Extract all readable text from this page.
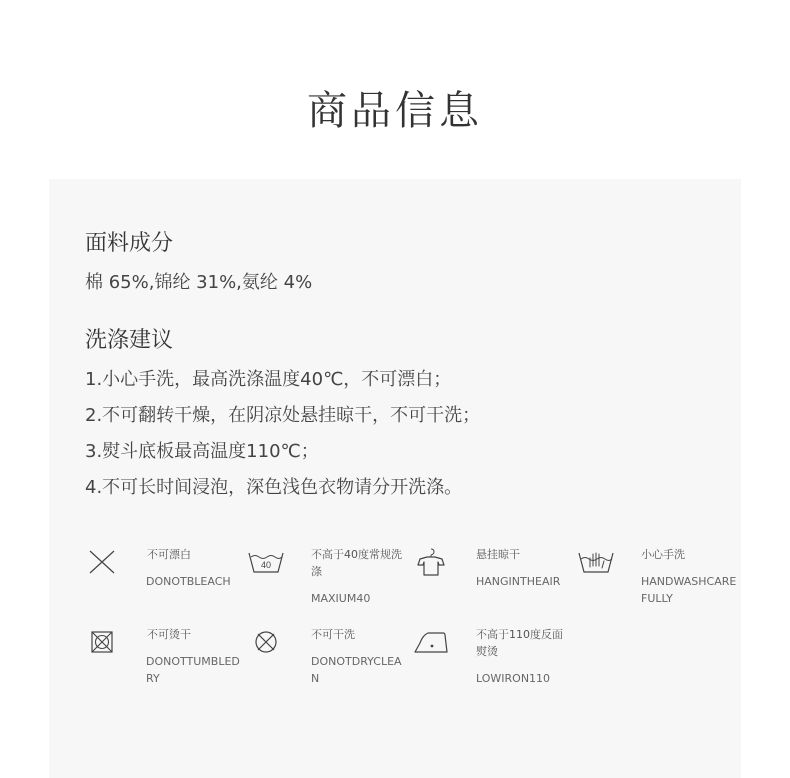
商品信息
面料成分
棉 65%,锦纶 31%,氨纶 4%
洗涤建议
1.小心手洗，最高洗涤温度40℃，不可漂白；
2.不可翻转干燥，在阴凉处悬挂晾干，不可干洗；
3.熨斗底板最高温度110℃；
4.不可长时间浸泡，深色浅色衣物请分开洗涤。
不可漂白
DONOTBLEACH
40
不高于40度常规洗涤
MAXIUM40
悬挂晾干
HANGINTHEAIR
小心手洗
HANDWASHCAREFULLY
不可烫干
DONOTTUMBLEDRY
不可干洗
DONOTDRYCLEAN
不高于110度反面熨烫
LOWIRON110
